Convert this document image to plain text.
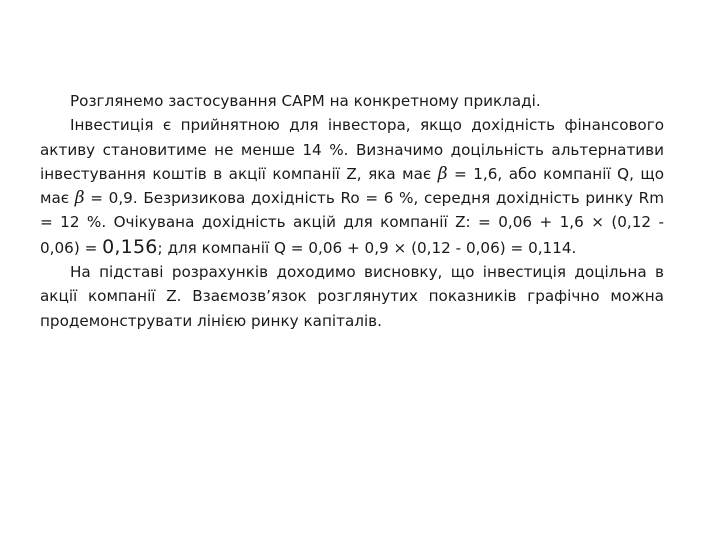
Розглянемо застосування CAPM на конкретному прикладі.

Інвестиція є прийнятною для інвестора, якщо дохідність фінансового активу становитиме не менше 14 %. Визначимо доцільність альтернативи інвестування коштів в акції компанії Z, яка має β = 1,6, або компанії Q, що має β = 0,9. Безризикова дохідність Ro = 6 %, середня дохідність ринку Rm = 12 %. Очікувана дохідність акцій для компанії Z: = 0,06 + 1,6 × (0,12 - 0,06) = 0,156; для компанії Q = 0,06 + 0,9 × (0,12 - 0,06) = 0,114.

На підставі розрахунків доходимо висновку, що інвестиція доцільна в акції компанії Z. Взаємозв’язок розглянутих показників графічно можна продемонструвати лінією ринку капіталів.
